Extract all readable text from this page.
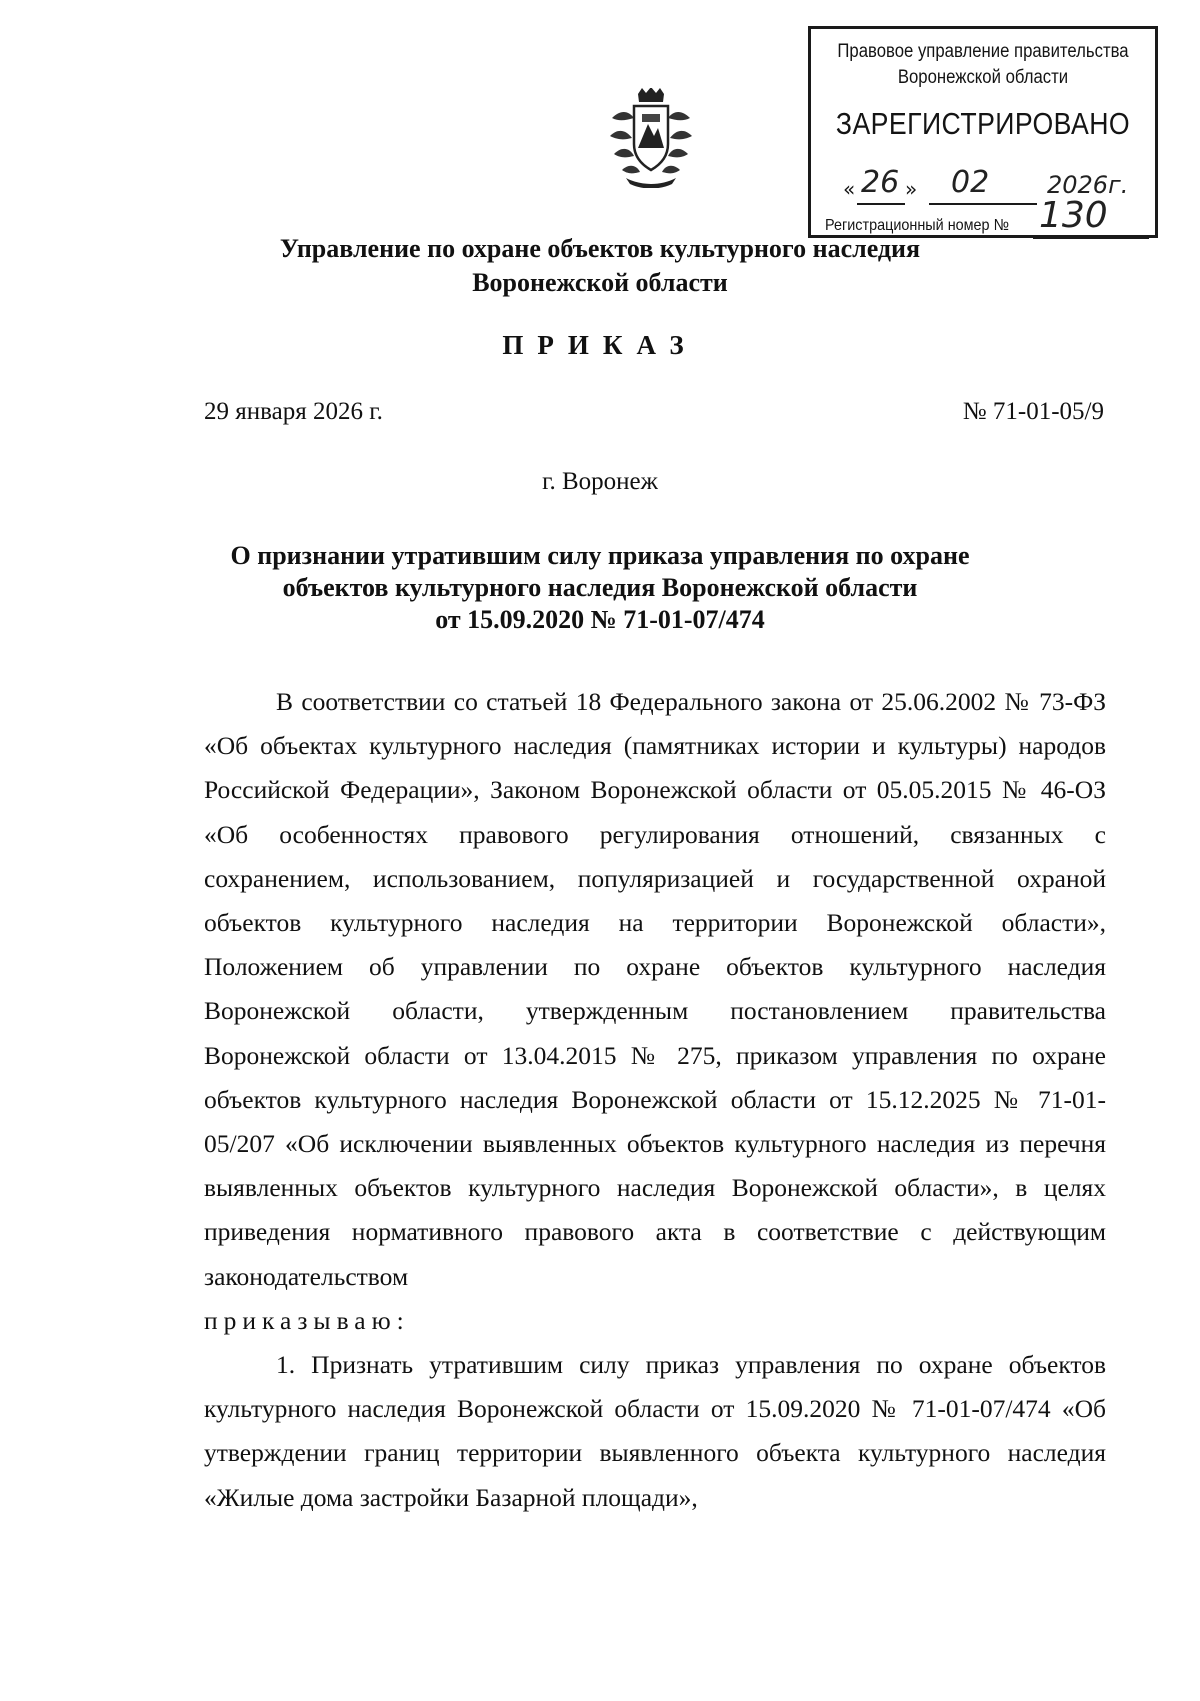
Правовое управление правительства
Воронежской области
ЗАРЕГИСТРИРОВАНО
« 26 » 02 2026г.
Регистрационный номер № 130
Управление по охране объектов культурного наследия
Воронежской области
ПРИКАЗ
29 января 2026 г.	№ 71-01-05/9
г. Воронеж
О признании утратившим силу приказа управления по охране
объектов культурного наследия Воронежской области
от 15.09.2020 № 71-01-07/474

В соответствии со статьей 18 Федерального закона от 25.06.2002 № 73-ФЗ «Об объектах культурного наследия (памятниках истории и культуры) народов Российской Федерации», Законом Воронежской области от 05.05.2015 № 46-ОЗ «Об особенностях правового регулирования отношений, связанных с сохранением, использованием, популяризацией и государственной охраной объектов культурного наследия на территории Воронежской области», Положением об управлении по охране объектов культурного наследия Воронежской области, утвержденным постановлением правительства Воронежской области от 13.04.2015 № 275, приказом управления по охране объектов культурного наследия Воронежской области от 15.12.2025 № 71-01-05/207 «Об исключении выявленных объектов культурного наследия из перечня выявленных объектов культурного наследия Воронежской области», в целях приведения нормативного правового акта в соответствие с действующим законодательством

приказываю:

1. Признать утратившим силу приказ управления по охране объектов культурного наследия Воронежской области от 15.09.2020 № 71-01-07/474 «Об утверждении границ территории выявленного объекта культурного наследия «Жилые дома застройки Базарной площади»,
